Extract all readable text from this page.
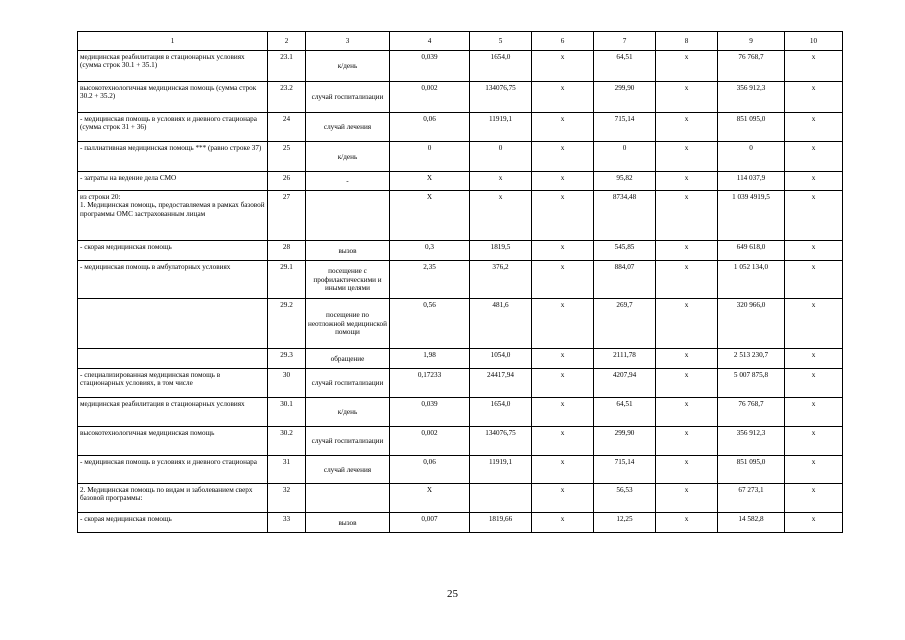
1	2	3	4	5	6	7	8	9	10
медицинская реабилитация в стационарных условиях (сумма строк 30.1 + 35.1)	23.1	к/день	0,039	1654,0	х	64,51	х	76 768,7	х
высокотехнологичная медицинская помощь (сумма строк 30.2 + 35.2)	23.2	случай госпитализации	0,002	134076,75	х	299,90	х	356 912,3	х
- медицинская помощь в условиях и дневного стационара (сумма строк 31 + 36)	24	случай лечения	0,06	11919,1	х	715,14	х	851 095,0	х
- паллиативная медицинская помощь *** (равно строке 37)	25	к/день	0	0	х	0	х	0	х
- затраты на ведение дела СМО	26	-	Х	х	х	95,82	х	114 037,9	х
из строки 20:
1. Медицинская помощь, предоставляемая в рамках базовой программы ОМС застрахованным лицам	27		Х	х	х	8734,48	х	1 039 4919,5	х
- скорая медицинская помощь	28	вызов	0,3	1819,5	х	545,85	х	649 618,0	х
- медицинская помощь в амбулаторных условиях	29.1	посещение с профилактическими и иными целями	2,35	376,2	х	884,07	х	1 052 134,0	х
	29.2	посещение по неотложной медицинской помощи	0,56	481,6	х	269,7	х	320 966,0	х
	29.3	обращение	1,98	1054,0	х	2111,78	х	2 513 230,7	х
- специализированная медицинская помощь в стационарных условиях, в том числе	30	случай госпитализации	0,17233	24417,94	х	4207,94	х	5 007 875,8	х
медицинская реабилитация в стационарных условиях	30.1	к/день	0,039	1654,0	х	64,51	х	76 768,7	х
высокотехнологичная медицинская помощь	30.2	случай госпитализации	0,002	134076,75	х	299,90	х	356 912,3	х
- медицинская помощь в условиях и дневного стационара	31	случай лечения	0,06	11919,1	х	715,14	х	851 095,0	х
2. Медицинская помощь по видам и заболеванием сверх базовой программы:	32		Х		х	56,53	х	67 273,1	х
- скорая медицинская помощь	33	вызов	0,007	1819,66	х	12,25	х	14 582,8	х
25
